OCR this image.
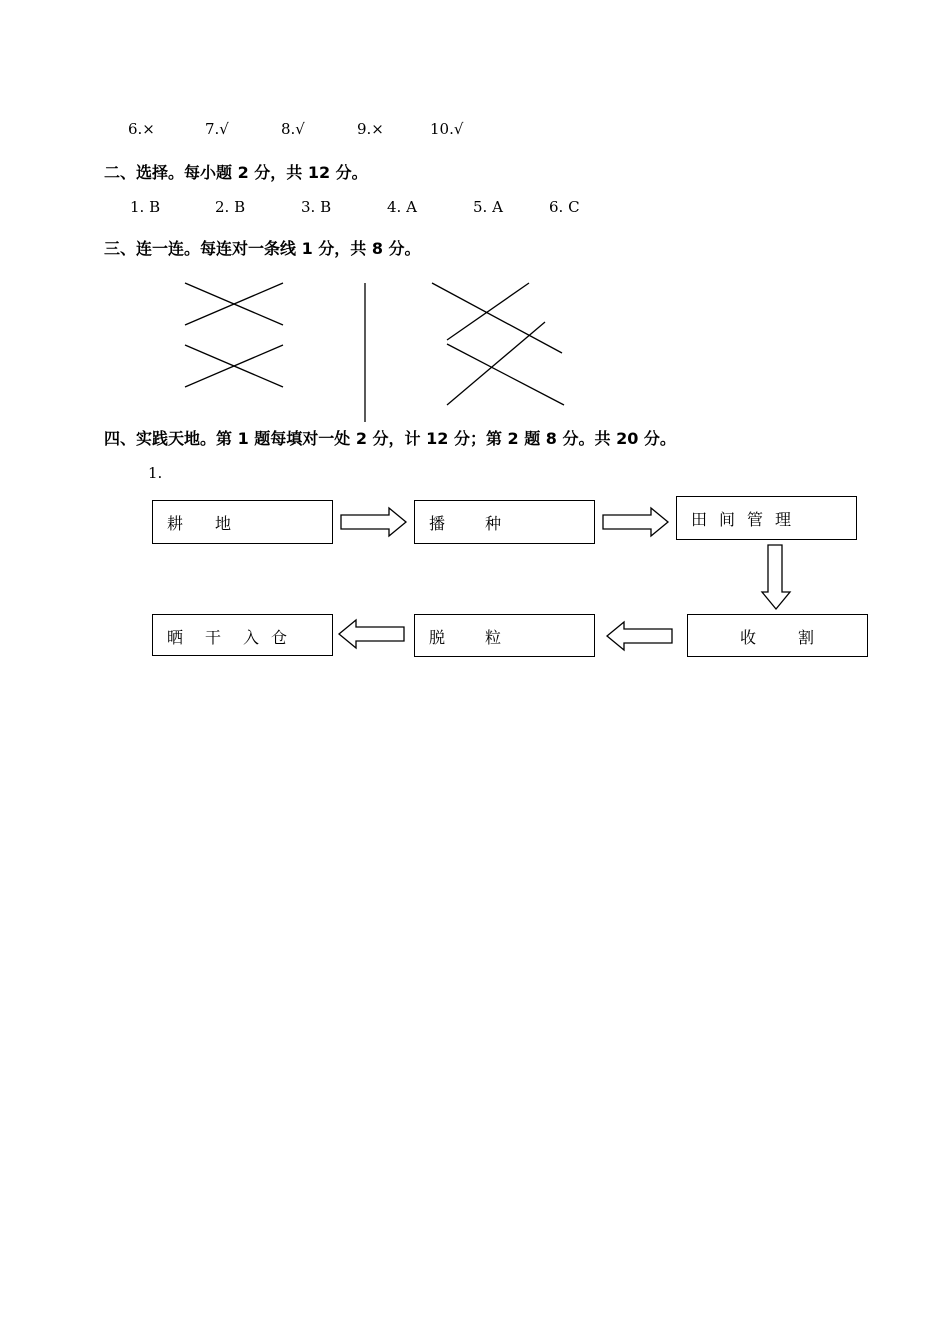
6.×	7.√	8.√	9.×	10.√
二、选择。每小题 2 分，共 12 分。
1. B	2. B	3. B	4. A	5. A	6. C
三、连一连。每连对一条线 1 分，共 8 分。
四、实践天地。第 1 题每填对一处 2 分，计 12 分；第 2 题 8 分。共 20 分。
1.
耕 地	播 种	田 间 管 理
收	割
脱 粒
晒 干 入 仓
